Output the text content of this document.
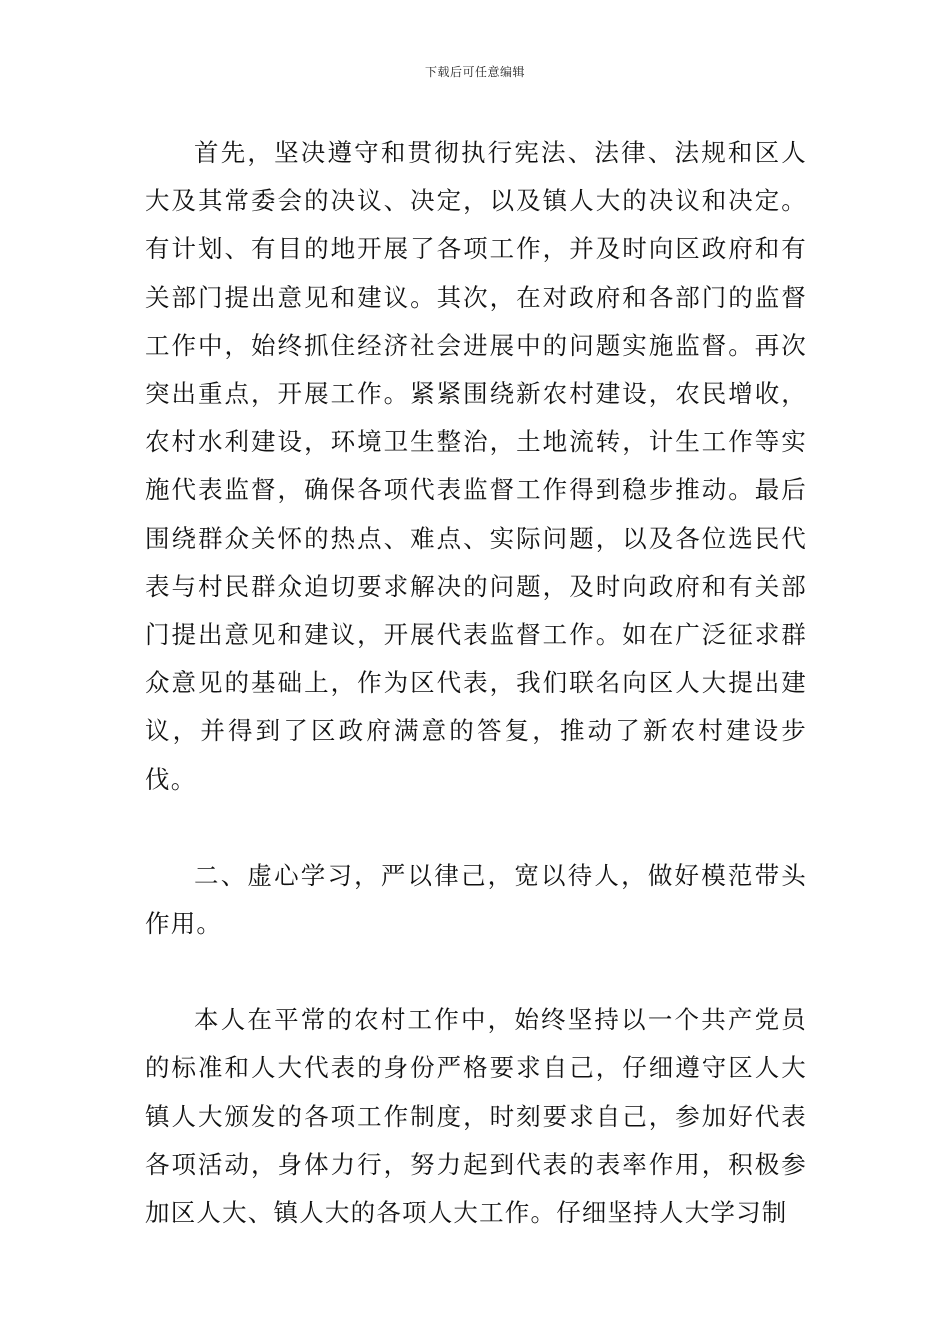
下载后可任意编辑

首先，坚决遵守和贯彻执行宪法、法律、法规和区人大及其常委会的决议、决定，以及镇人大的决议和决定。有计划、有目的地开展了各项工作，并及时向区政府和有关部门提出意见和建议。其次，在对政府和各部门的监督工作中，始终抓住经济社会进展中的问题实施监督。再次突出重点，开展工作。紧紧围绕新农村建设，农民增收，农村水利建设，环境卫生整治，土地流转，计生工作等实施代表监督，确保各项代表监督工作得到稳步推动。最后围绕群众关怀的热点、难点、实际问题，以及各位选民代表与村民群众迫切要求解决的问题，及时向政府和有关部门提出意见和建议，开展代表监督工作。如在广泛征求群众意见的基础上，作为区代表，我们联名向区人大提出建议，并得到了区政府满意的答复，推动了新农村建设步伐。

二、虚心学习，严以律己，宽以待人，做好模范带头作用。

本人在平常的农村工作中，始终坚持以一个共产党员的标准和人大代表的身份严格要求自己，仔细遵守区人大镇人大颁发的各项工作制度，时刻要求自己，参加好代表各项活动，身体力行，努力起到代表的表率作用，积极参加区人大、镇人大的各项人大工作。仔细坚持人大学习制
